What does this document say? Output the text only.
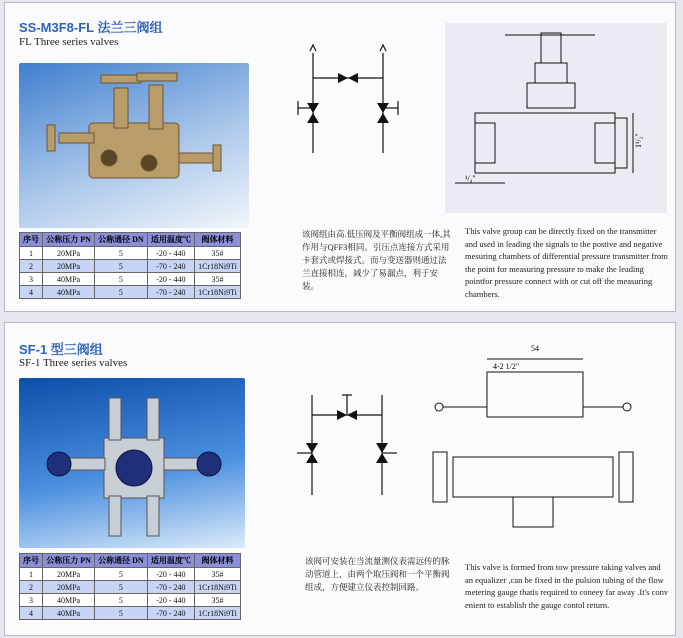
SS-M3F8-FL 法兰三阀组
FL Three series valves
序号	公称压力 PN	公称通径 DN	适用温度℃	阀体材料
1	20MPa	5	-20 - 440	35#
2	20MPa	5	-70 - 240	1Cr18Ni9Ti
3	40MPa	5	-20 - 440	35#
4	40MPa	5	-70 - 240	1Cr18Ni9Ti
1¹/₂"
¹/₄"
该阀组由高.低压阀及平衡阀组成一体,其作用与QFF3相同。引压点连接方式采用卡套式或焊接式。而与变送器则通过法兰直接相连，减少了易漏点，利于安装。
This valve group can be directly fixed on the transmitter and used in leading the signals to the postive and negative mesuring chambets of differential pressure transmitter from the point for measuring pressure to make the leading pointfor pressure connect with or cut off the measuring chambers.
SF-1 型三阀组
SF-1 Three series valves
序号	公称压力 PN	公称通径 DN	适用温度℃	阀体材料
1	20MPa	5	-20 - 440	35#
2	20MPa	5	-70 - 240	1Cr18Ni9Ti
3	40MPa	5	-20 - 440	35#
4	40MPa	5	-70 - 240	1Cr18Ni9Ti
54
4-2 1/2"
该阀可安装在当流量测仪表需远传的脉动管道上，由两个取压阀和一个平衡阀组成，方便建立仪表控制回路。
This valve is formed from tow pressure taking valves and an equalizer ,can be fixed in the pulsion tubing of the flow metering gauge thatis required to coneey far away .It's conv enient to establish the gauge contol return.
